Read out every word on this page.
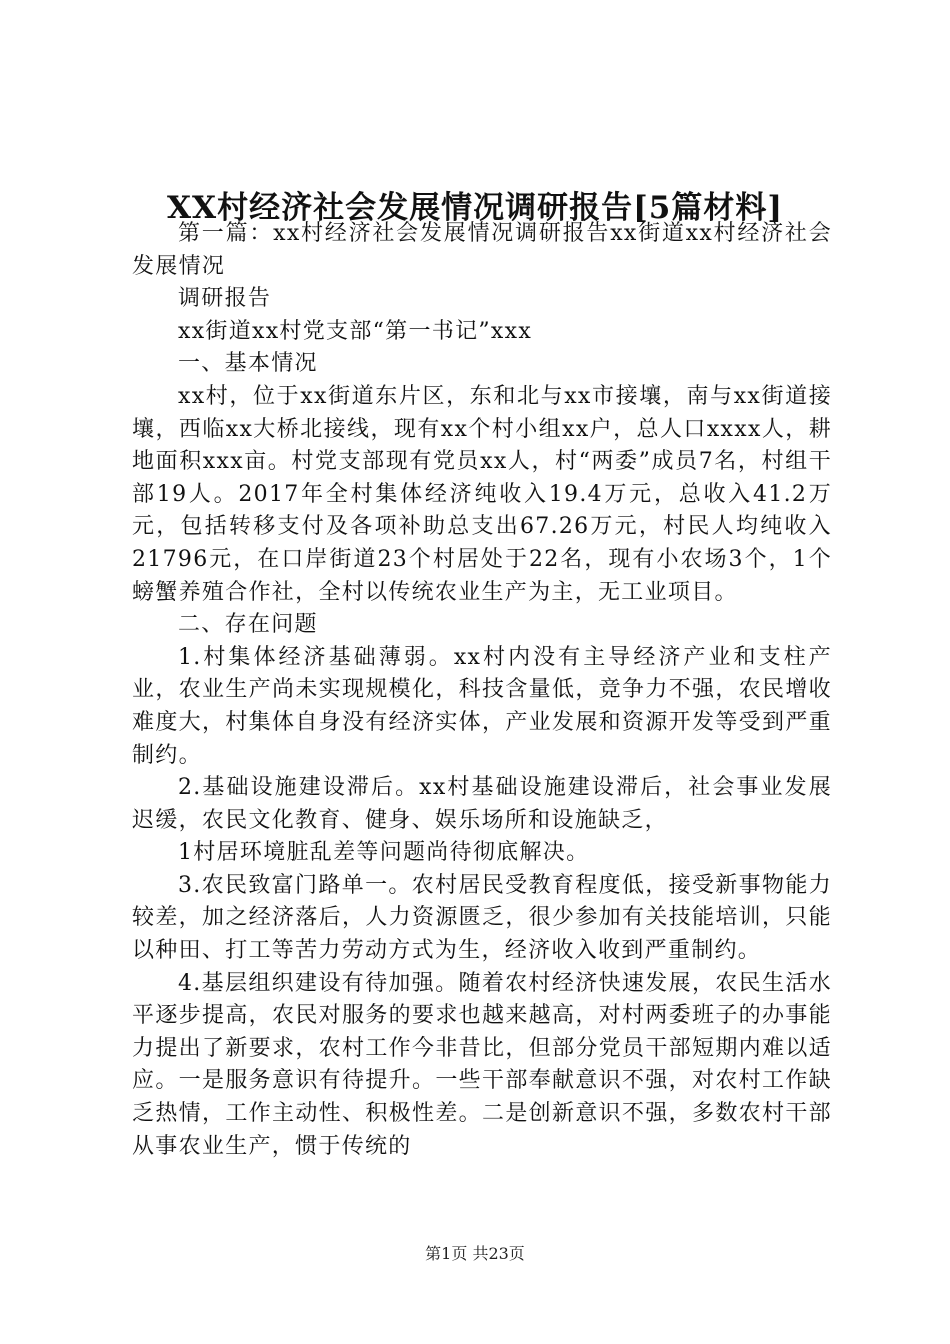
XX村经济社会发展情况调研报告[5篇材料]

第一篇：xx村经济社会发展情况调研报告xx街道xx村经济社会发展情况

调研报告

xx街道xx村党支部“第一书记”xxx

一、基本情况

xx村，位于xx街道东片区，东和北与xx市接壤，南与xx街道接壤，西临xx大桥北接线，现有xx个村小组xx户，总人口xxxx人，耕地面积xxx亩。村党支部现有党员xx人，村“两委”成员7名，村组干部19人。2017年全村集体经济纯收入19.4万元，总收入41.2万元，包括转移支付及各项补助总支出67.26万元，村民人均纯收入21796元，在口岸街道23个村居处于22名，现有小农场3个，1个螃蟹养殖合作社，全村以传统农业生产为主，无工业项目。

二、存在问题

1.村集体经济基础薄弱。xx村内没有主导经济产业和支柱产业，农业生产尚未实现规模化，科技含量低，竞争力不强，农民增收难度大，村集体自身没有经济实体，产业发展和资源开发等受到严重制约。

2.基础设施建设滞后。xx村基础设施建设滞后，社会事业发展迟缓，农民文化教育、健身、娱乐场所和设施缺乏，

1村居环境脏乱差等问题尚待彻底解决。

3.农民致富门路单一。农村居民受教育程度低，接受新事物能力较差，加之经济落后，人力资源匮乏，很少参加有关技能培训，只能以种田、打工等苦力劳动方式为生，经济收入收到严重制约。

4.基层组织建设有待加强。随着农村经济快速发展，农民生活水平逐步提高，农民对服务的要求也越来越高，对村两委班子的办事能力提出了新要求，农村工作今非昔比，但部分党员干部短期内难以适应。一是服务意识有待提升。一些干部奉献意识不强，对农村工作缺乏热情，工作主动性、积极性差。二是创新意识不强，多数农村干部从事农业生产，惯于传统的

第1页 共23页
